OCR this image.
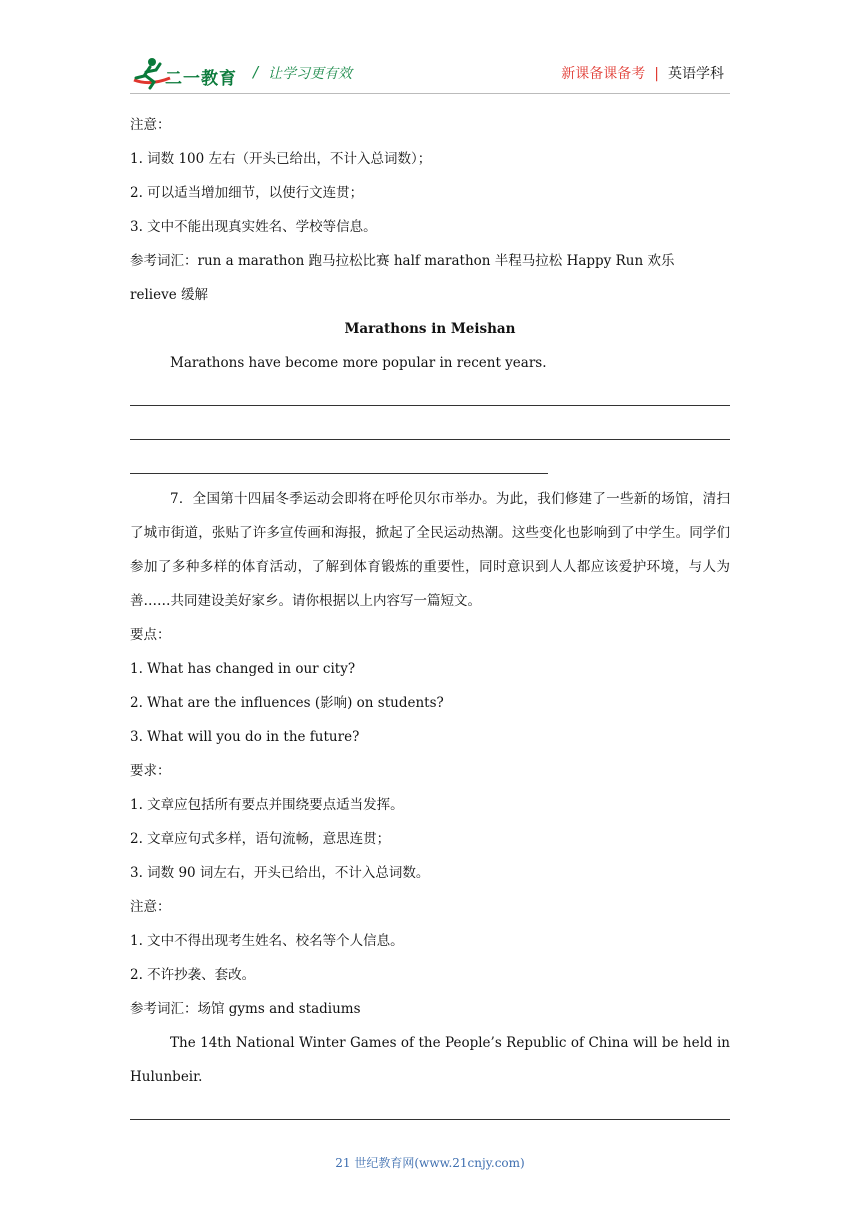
二一教育 / 让学习更有效	新课备课备考 | 英语学科
注意：
1. 词数 100 左右（开头已给出，不计入总词数）；
2. 可以适当增加细节，以使行文连贯；
3. 文中不能出现真实姓名、学校等信息。
参考词汇：run a marathon 跑马拉松比赛 half marathon 半程马拉松 Happy Run 欢乐
relieve 缓解
Marathons in Meishan
Marathons have become more popular in recent years.
7．全国第十四届冬季运动会即将在呼伦贝尔市举办。为此，我们修建了一些新的场馆，清扫了城市街道，张贴了许多宣传画和海报，掀起了全民运动热潮。这些变化也影响到了中学生。同学们参加了多种多样的体育活动，了解到体育锻炼的重要性，同时意识到人人都应该爱护环境，与人为善……共同建设美好家乡。请你根据以上内容写一篇短文。
要点：
1. What has changed in our city?
2. What are the influences (影响) on students?
3. What will you do in the future?
要求：
1. 文章应包括所有要点并围绕要点适当发挥。
2. 文章应句式多样，语句流畅，意思连贯；
3. 词数 90 词左右，开头已给出，不计入总词数。
注意：
1. 文中不得出现考生姓名、校名等个人信息。
2. 不许抄袭、套改。
参考词汇：场馆 gyms and stadiums
The 14th National Winter Games of the People’s Republic of China will be held in Hulunbeir.
21 世纪教育网(www.21cnjy.com)
